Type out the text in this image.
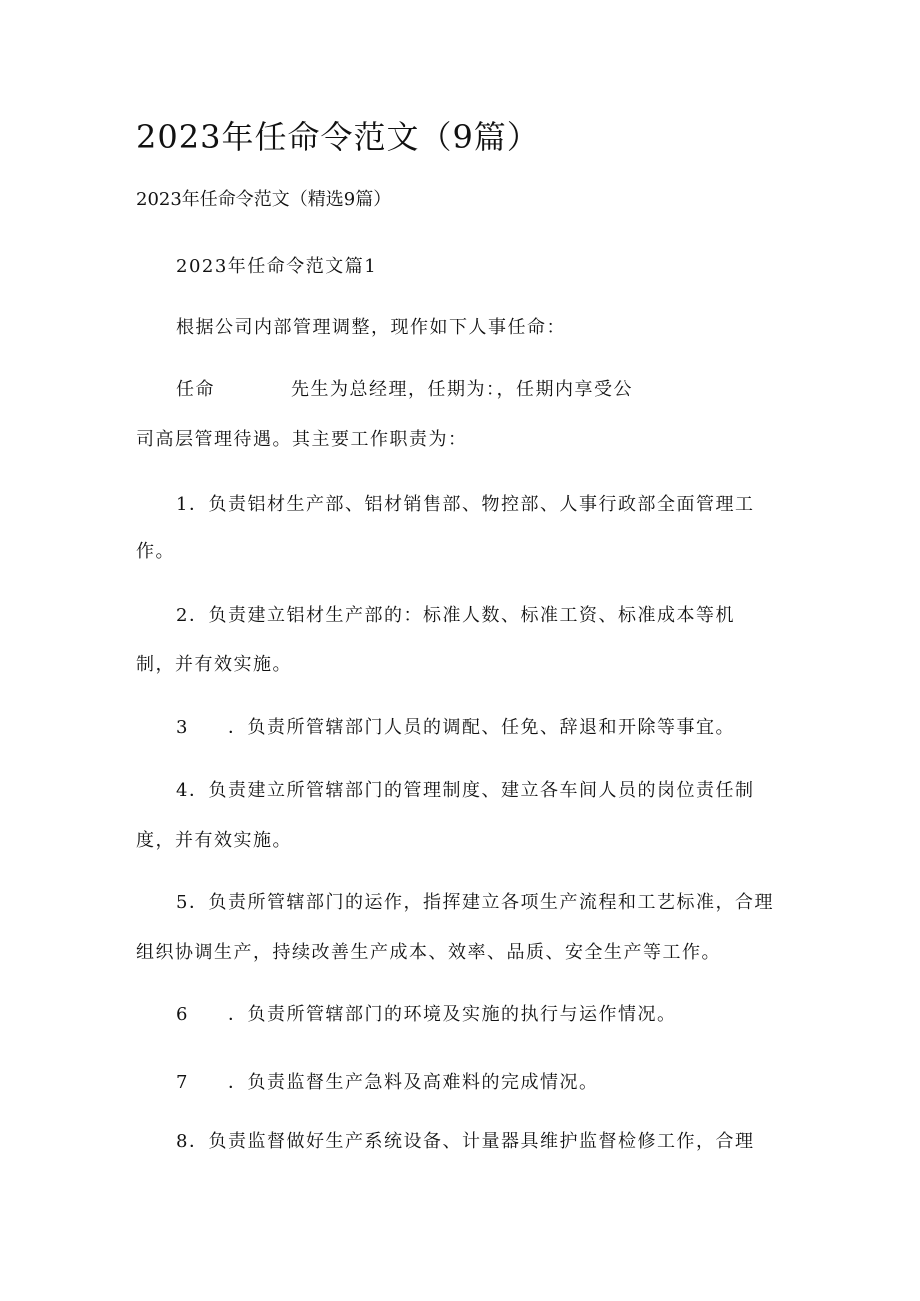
2023年任命令范文（9篇）
2023年任命令范文（精选9篇）
2023年任命令范文篇1
根据公司内部管理调整，现作如下人事任命：
任命	先生为总经理，任期为：，任期内享受公
司高层管理待遇。其主要工作职责为：
1．负责铝材生产部、铝材销售部、物控部、人事行政部全面管理工
作。
2．负责建立铝材生产部的：标准人数、标准工资、标准成本等机
制，并有效实施。
3 ．负责所管辖部门人员的调配、任免、辞退和开除等事宜。
4．负责建立所管辖部门的管理制度、建立各车间人员的岗位责任制
度，并有效实施。
5．负责所管辖部门的运作，指挥建立各项生产流程和工艺标准，合理
组织协调生产，持续改善生产成本、效率、品质、安全生产等工作。
6 ．负责所管辖部门的环境及实施的执行与运作情况。
7 ．负责监督生产急料及高难料的完成情况。
8．负责监督做好生产系统设备、计量器具维护监督检修工作，合理
